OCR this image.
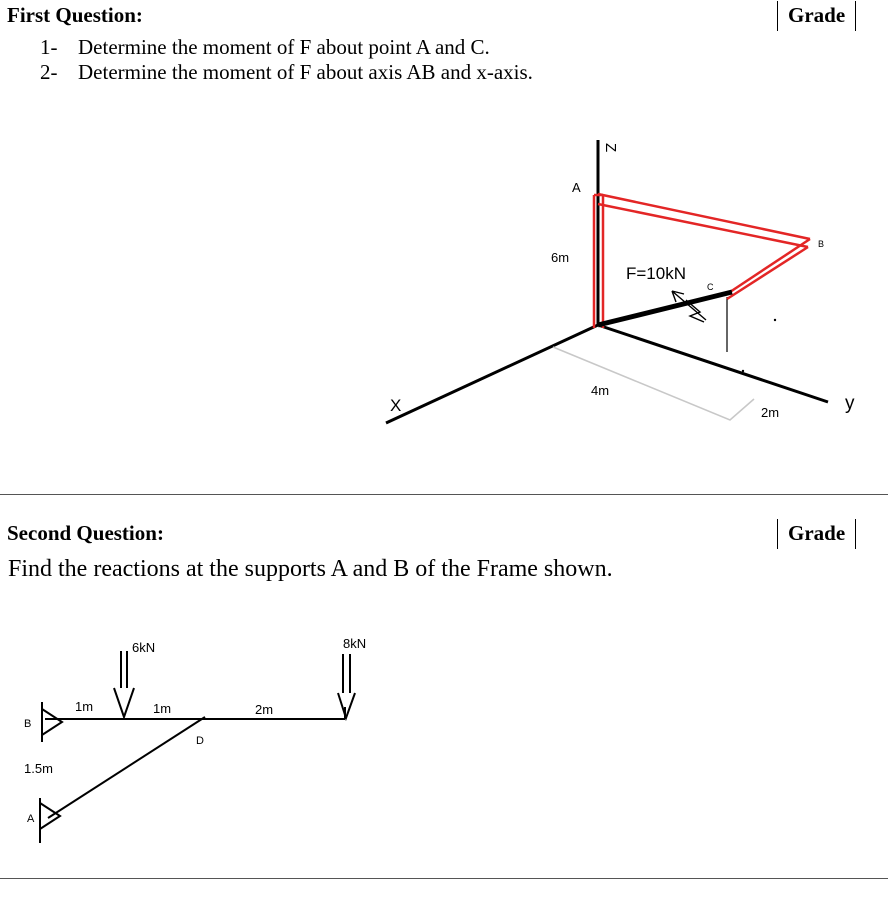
First Question:	Grade
1- Determine the moment of F about point A and C.
2- Determine the moment of F about axis AB and x-axis.
Z
A
6m
F=10kN
C
B
4m
2m
X	y
6kN	8kN
1m	1m	2m
B
D
1.5m
A
Second Question:	Grade
Find the reactions at the supports A and B of the Frame shown.
